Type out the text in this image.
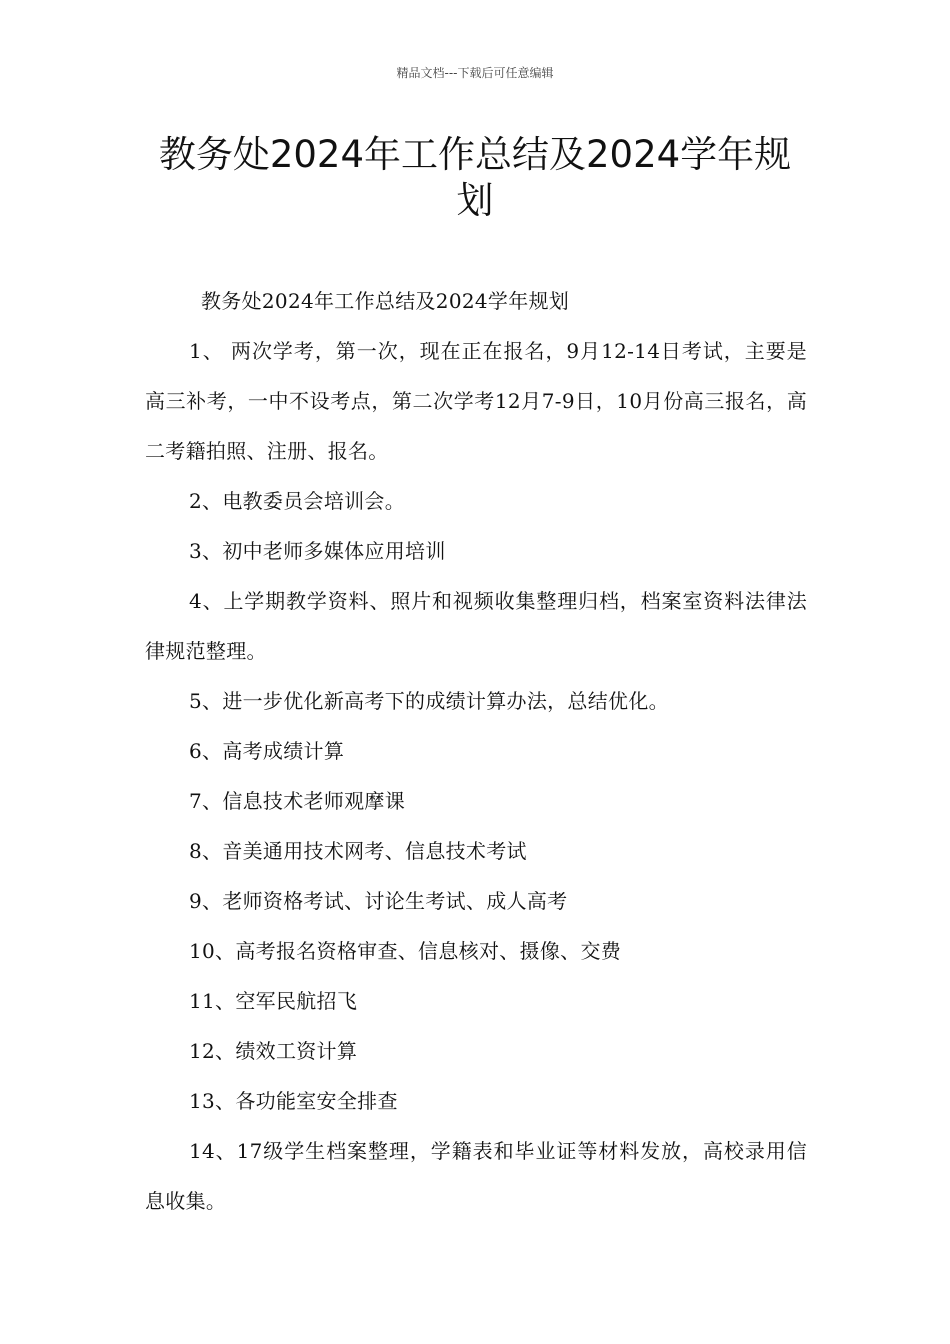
精品文档---下载后可任意编辑
教务处2024年工作总结及2024学年规划

教务处2024年工作总结及2024学年规划

1、 两次学考，第一次，现在正在报名，9月12-14日考试，主要是高三补考，一中不设考点，第二次学考12月7-9日，10月份高三报名，高二考籍拍照、注册、报名。

2、电教委员会培训会。

3、初中老师多媒体应用培训

4、上学期教学资料、照片和视频收集整理归档，档案室资料法律法律规范整理。

5、进一步优化新高考下的成绩计算办法，总结优化。

6、高考成绩计算

7、信息技术老师观摩课

8、音美通用技术网考、信息技术考试

9、老师资格考试、讨论生考试、成人高考

10、高考报名资格审查、信息核对、摄像、交费

11、空军民航招飞

12、绩效工资计算

13、各功能室安全排查

14、17级学生档案整理，学籍表和毕业证等材料发放，高校录用信息收集。
